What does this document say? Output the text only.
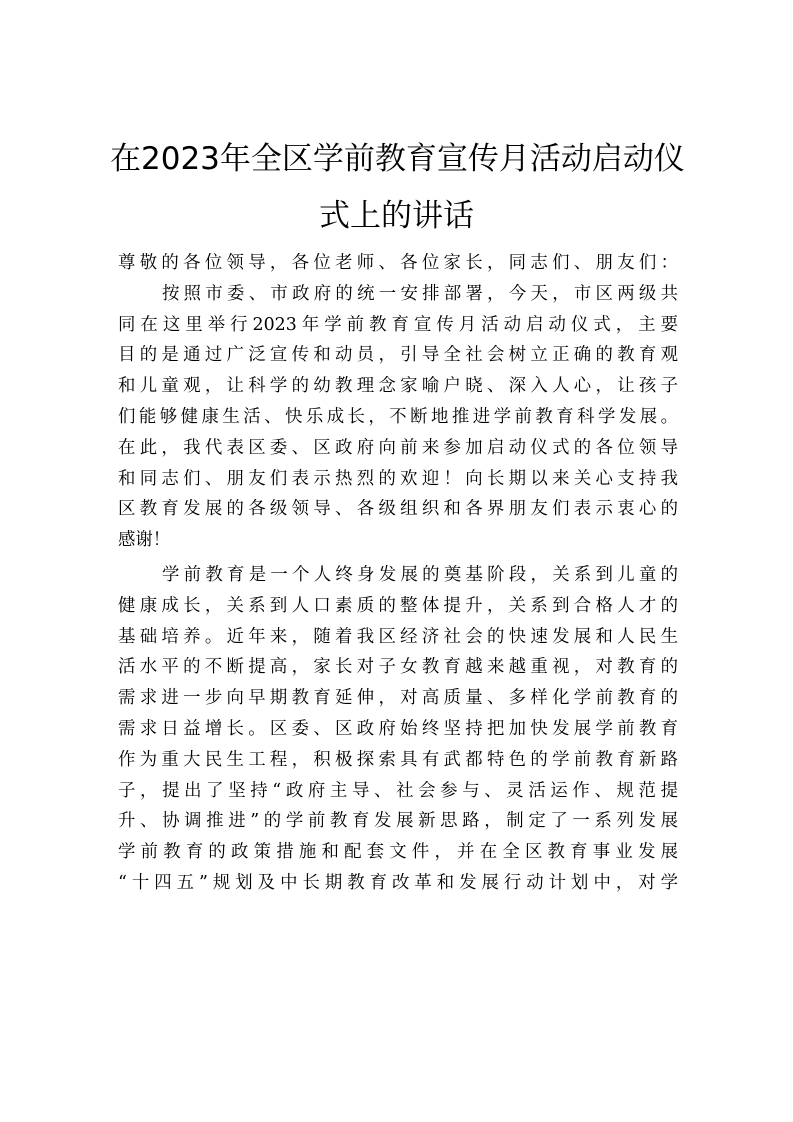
在2023年全区学前教育宣传月活动启动仪
式上的讲话
尊敬的各位领导，各位老师、各位家长，同志们、朋友们：
按照市委、市政府的统一安排部署，今天，市区两级共
同在这里举行2023年学前教育宣传月活动启动仪式，主要
目的是通过广泛宣传和动员，引导全社会树立正确的教育观
和儿童观，让科学的幼教理念家喻户晓、深入人心，让孩子
们能够健康生活、快乐成长，不断地推进学前教育科学发展。
在此，我代表区委、区政府向前来参加启动仪式的各位领导
和同志们、朋友们表示热烈的欢迎！向长期以来关心支持我
区教育发展的各级领导、各级组织和各界朋友们表示衷心的
感谢！
学前教育是一个人终身发展的奠基阶段，关系到儿童的
健康成长，关系到人口素质的整体提升，关系到合格人才的
基础培养。近年来，随着我区经济社会的快速发展和人民生
活水平的不断提高，家长对子女教育越来越重视，对教育的
需求进一步向早期教育延伸，对高质量、多样化学前教育的
需求日益增长。区委、区政府始终坚持把加快发展学前教育
作为重大民生工程，积极探索具有武都特色的学前教育新路
子，提出了坚持“政府主导、社会参与、灵活运作、规范提
升、协调推进”的学前教育发展新思路，制定了一系列发展
学前教育的政策措施和配套文件，并在全区教育事业发展
“十四五”规划及中长期教育改革和发展行动计划中，对学
